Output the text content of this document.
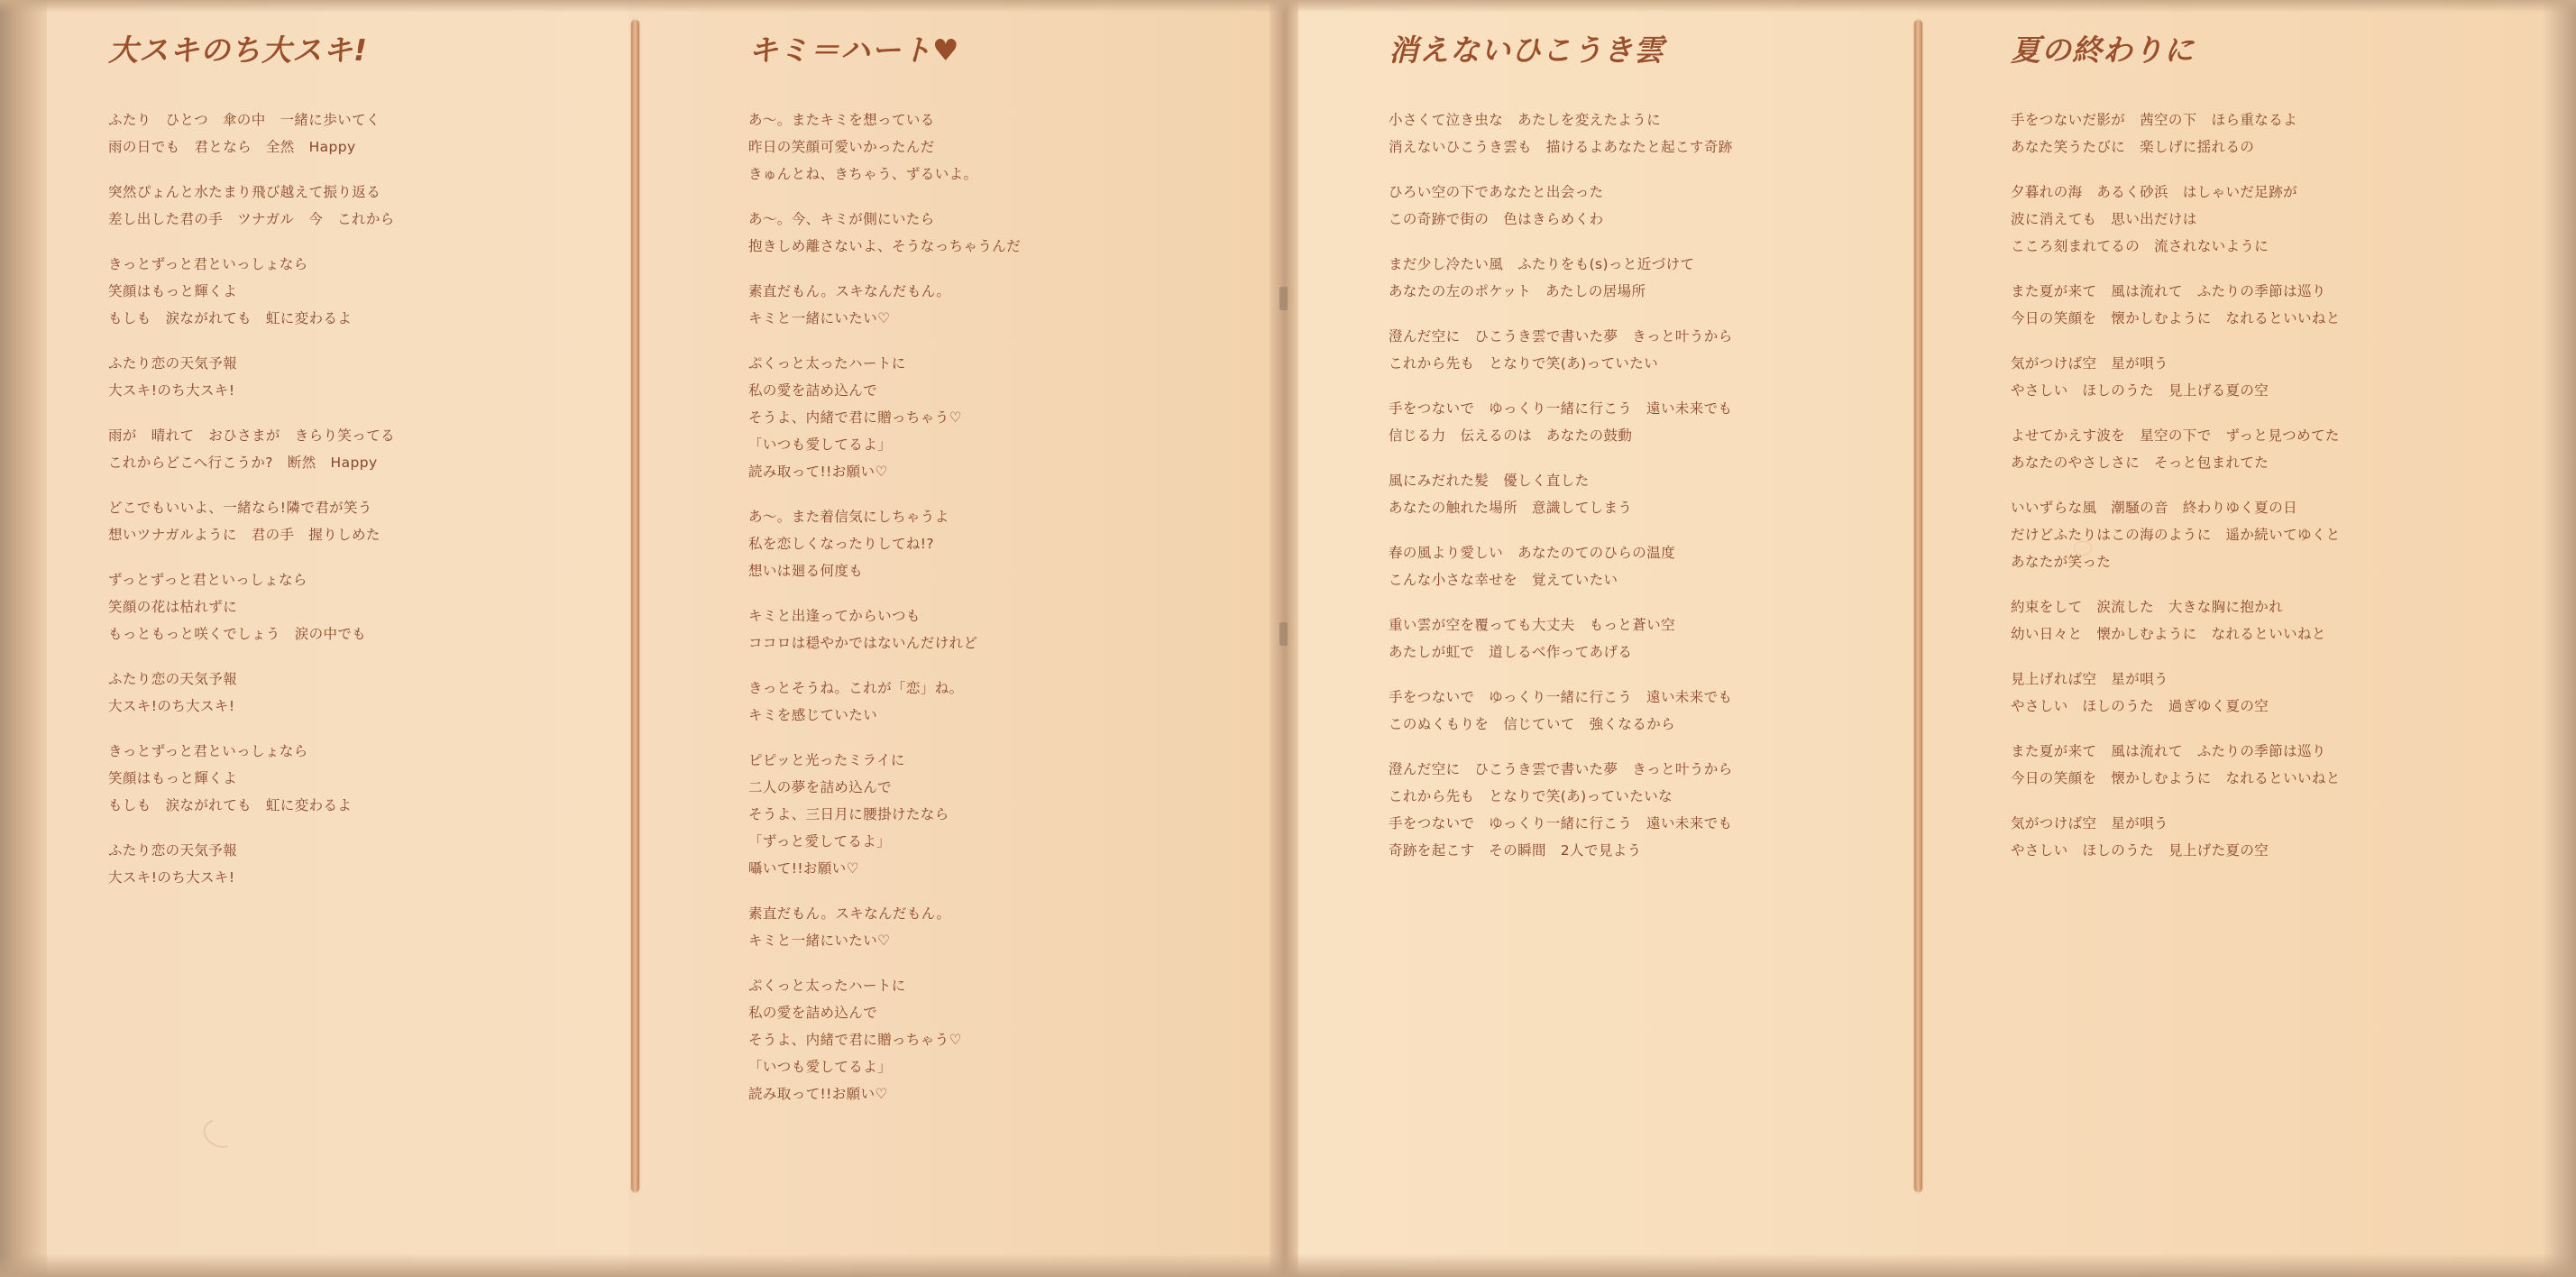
大スキのち大スキ!
ふたり　ひとつ　傘の中　一緒に歩いてく
雨の日でも　君となら　全然　Happy
突然ぴょんと水たまり飛び越えて振り返る
差し出した君の手　ツナガル　今　これから
きっとずっと君といっしょなら
笑顔はもっと輝くよ
もしも　涙ながれても　虹に変わるよ
ふたり恋の天気予報
大スキ!のち大スキ!
雨が　晴れて　おひさまが　きらり笑ってる
これからどこへ行こうか?　断然　Happy
どこでもいいよ、一緒なら!隣で君が笑う
想いツナガルように　君の手　握りしめた
ずっとずっと君といっしょなら
笑顔の花は枯れずに
もっともっと咲くでしょう　涙の中でも
ふたり恋の天気予報
大スキ!のち大スキ!
きっとずっと君といっしょなら
笑顔はもっと輝くよ
もしも　涙ながれても　虹に変わるよ
ふたり恋の天気予報
大スキ!のち大スキ!
キミ＝ハート♥
あ～。またキミを想っている
昨日の笑顔可愛いかったんだ
きゅんとね、きちゃう、ずるいよ。
あ～。今、キミが側にいたら
抱きしめ離さないよ、そうなっちゃうんだ
素直だもん。スキなんだもん。
キミと一緒にいたい♡
ぷくっと太ったハートに
私の愛を詰め込んで
そうよ、内緒で君に贈っちゃう♡
「いつも愛してるよ」
読み取って!!お願い♡
あ～。また着信気にしちゃうよ
私を恋しくなったりしてね!?
想いは廻る何度も
キミと出逢ってからいつも
ココロは穏やかではないんだけれど
きっとそうね。これが「恋」ね。
キミを感じていたい
ピピッと光ったミライに
二人の夢を詰め込んで
そうよ、三日月に腰掛けたなら
「ずっと愛してるよ」
囁いて!!お願い♡
素直だもん。スキなんだもん。
キミと一緒にいたい♡
ぷくっと太ったハートに
私の愛を詰め込んで
そうよ、内緒で君に贈っちゃう♡
「いつも愛してるよ」
読み取って!!お願い♡
消えないひこうき雲
小さくて泣き虫な　あたしを変えたように
消えないひこうき雲も　描けるよあなたと起こす奇跡
ひろい空の下であなたと出会った
この奇跡で街の　色はきらめくわ
まだ少し冷たい風　ふたりをも(s)っと近づけて
あなたの左のポケット　あたしの居場所
澄んだ空に　ひこうき雲で書いた夢　きっと叶うから
これから先も　となりで笑(あ)っていたい
手をつないで　ゆっくり一緒に行こう　遠い未来でも
信じる力　伝えるのは　あなたの鼓動
風にみだれた髪　優しく直した
あなたの触れた場所　意識してしまう
春の風より愛しい　あなたのてのひらの温度
こんな小さな幸せを　覚えていたい
重い雲が空を覆っても大丈夫　もっと蒼い空
あたしが虹で　道しるべ作ってあげる
手をつないで　ゆっくり一緒に行こう　遠い未来でも
このぬくもりを　信じていて　強くなるから
澄んだ空に　ひこうき雲で書いた夢　きっと叶うから
これから先も　となりで笑(あ)っていたいな
手をつないで　ゆっくり一緒に行こう　遠い未来でも
奇跡を起こす　その瞬間　2人で見よう
夏の終わりに
手をつないだ影が　茜空の下　ほら重なるよ
あなた笑うたびに　楽しげに揺れるの
夕暮れの海　あるく砂浜　はしゃいだ足跡が
波に消えても　思い出だけは
こころ刻まれてるの　流されないように
また夏が来て　風は流れて　ふたりの季節は巡り
今日の笑顔を　懐かしむように　なれるといいねと
気がつけば空　星が唄う
やさしい　ほしのうた　見上げる夏の空
よせてかえす波を　星空の下で　ずっと見つめてた
あなたのやさしさに　そっと包まれてた
いいずらな風　潮騒の音　終わりゆく夏の日
だけどふたりはこの海のように　遥か続いてゆくと
あなたが笑った
約束をして　涙流した　大きな胸に抱かれ
幼い日々と　懐かしむように　なれるといいねと
見上げれば空　星が唄う
やさしい　ほしのうた　過ぎゆく夏の空
また夏が来て　風は流れて　ふたりの季節は巡り
今日の笑顔を　懐かしむように　なれるといいねと
気がつけば空　星が唄う
やさしい　ほしのうた　見上げた夏の空
